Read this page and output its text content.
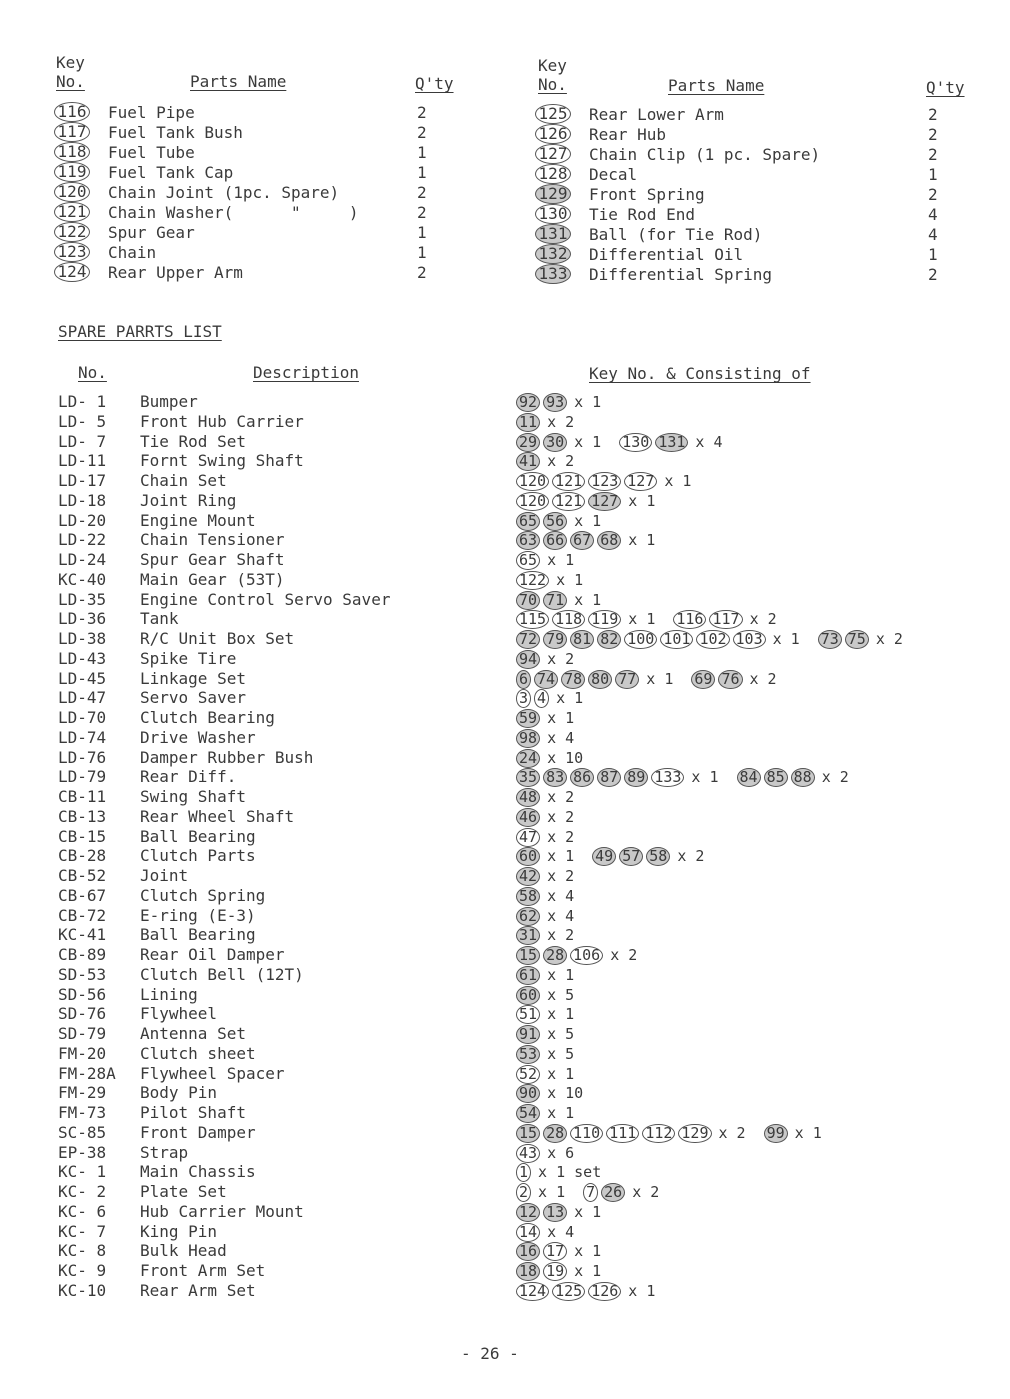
Key
No.	Parts Name	Q'ty
116 Fuel Pipe	2
117 Fuel Tank Bush	2
118 Fuel Tube	1
119 Fuel Tank Cap	1
120 Chain Joint (1pc. Spare)	2
121 Chain Washer(      "     )	2
122 Spur Gear	1
123 Chain	1
124 Rear Upper Arm	2
Key
No.	Parts Name	Q'ty
125 Rear Lower Arm	2
126 Rear Hub	2
127 Chain Clip (1 pc. Spare)	2
128 Decal	1
129 Front Spring	2
130 Tie Rod End	4
131 Ball (for Tie Rod)	4
132 Differential Oil	1
133 Differential Spring	2
SPARE PARRTS LIST
No.	Description	Key No. & Consisting of
LD- 1 Bumper	92 93 x 1
LD- 5 Front Hub Carrier	11 x 2
LD- 7 Tie Rod Set	29 30 x 1 130 131 x 4
LD-11 Fornt Swing Shaft	41 x 2
LD-17 Chain Set	120 121 123 127 x 1
LD-18 Joint Ring	120 121 127 x 1
LD-20 Engine Mount	65 56 x 1
LD-22 Chain Tensioner	63 66 67 68 x 1
LD-24 Spur Gear Shaft	65 x 1
KC-40 Main Gear (53T)	122 x 1
LD-35 Engine Control Servo Saver	70 71 x 1
LD-36 Tank	115 118 119 x 1 116 117 x 2
LD-38 R/C Unit Box Set	72 79 81 82 100 101 102 103 x 1 73 75 x 2
LD-43 Spike Tire	94 x 2
LD-45 Linkage Set	6 74 78 80 77 x 1 69 76 x 2
LD-47 Servo Saver	3 4 x 1
LD-70 Clutch Bearing	59 x 1
LD-74 Drive Washer	98 x 4
LD-76 Damper Rubber Bush	24 x 10
LD-79 Rear Diff.	35 83 86 87 89 133 x 1 84 85 88 x 2
CB-11 Swing Shaft	48 x 2
CB-13 Rear Wheel Shaft	46 x 2
CB-15 Ball Bearing	47 x 2
CB-28 Clutch Parts	60 x 1 49 57 58 x 2
CB-52 Joint	42 x 2
CB-67 Clutch Spring	58 x 4
CB-72 E-ring (E-3)	62 x 4
KC-41 Ball Bearing	31 x 2
CB-89 Rear Oil Damper	15 28 106 x 2
SD-53 Clutch Bell (12T)	61 x 1
SD-56 Lining	60 x 5
SD-76 Flywheel	51 x 1
SD-79 Antenna Set	91 x 5
FM-20 Clutch sheet	53 x 5
FM-28A Flywheel Spacer	52 x 1
FM-29 Body Pin	90 x 10
FM-73 Pilot Shaft	54 x 1
SC-85 Front Damper	15 28 110 111 112 129 x 2 99 x 1
EP-38 Strap	43 x 6
KC- 1 Main Chassis	1 x 1 set
KC- 2 Plate Set	2 x 1 7 26 x 2
KC- 6 Hub Carrier Mount	12 13 x 1
KC- 7 King Pin	14 x 4
KC- 8 Bulk Head	16 17 x 1
KC- 9 Front Arm Set	18 19 x 1
KC-10 Rear Arm Set	124 125 126 x 1
- 26 -
